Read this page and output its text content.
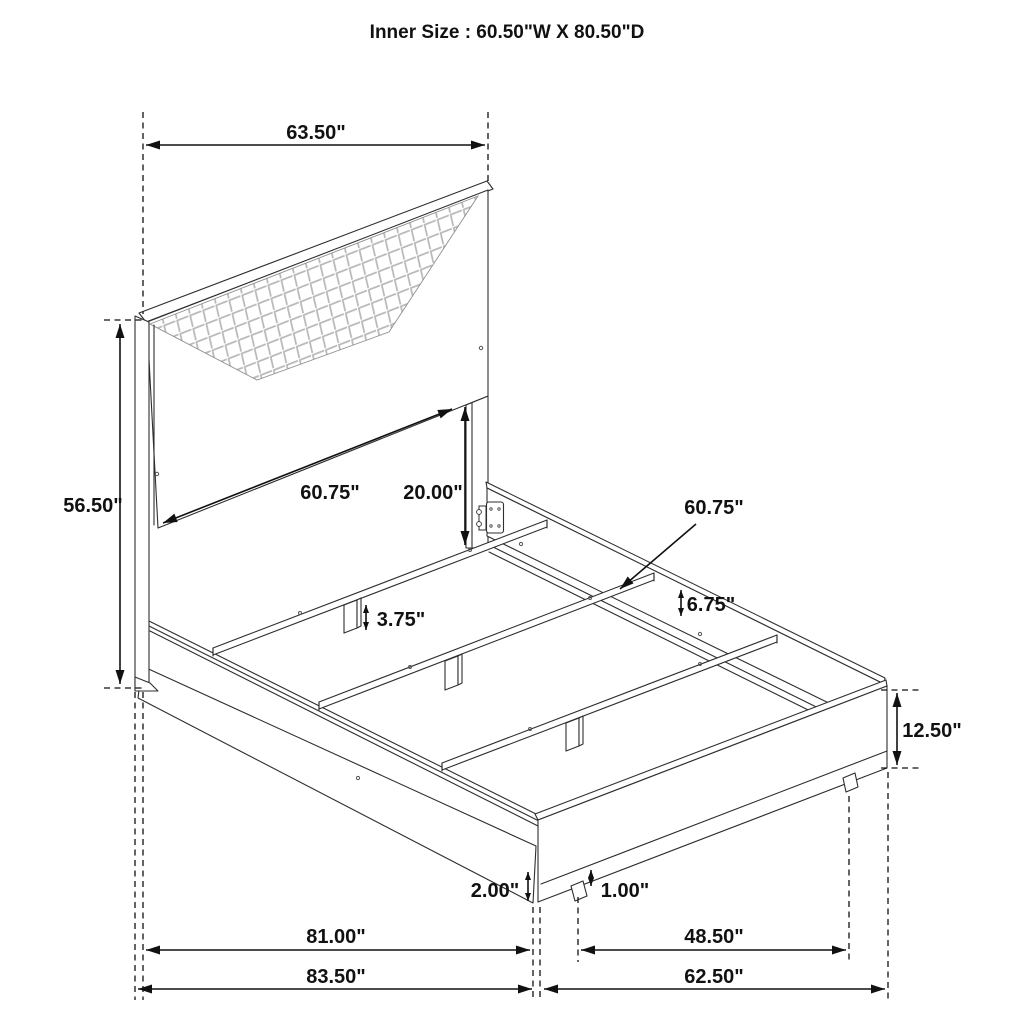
Inner Size : 60.50"W X 80.50"D
63.50"
56.50"
60.75" 20.00"
60.75"
6.75"
3.75"
12.50"
2.00"	1.00"
81.00"
83.50"
48.50"
62.50"
